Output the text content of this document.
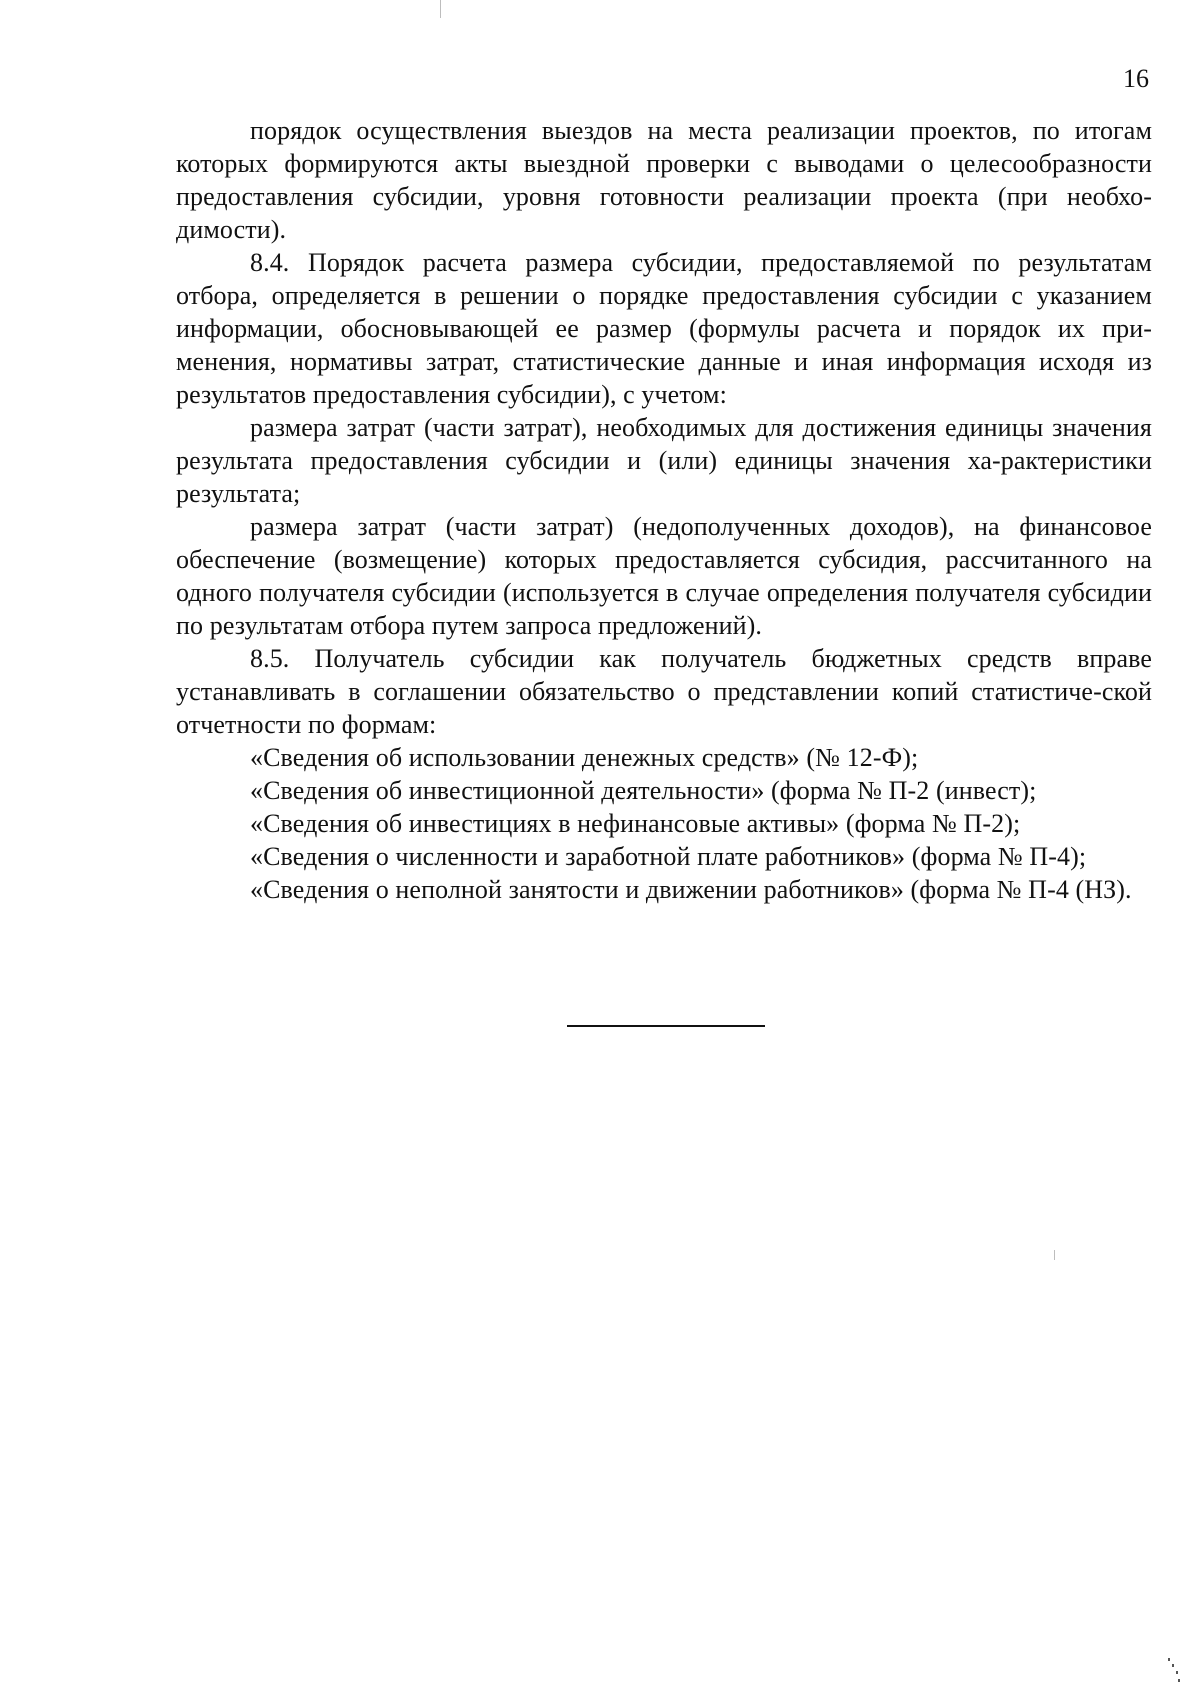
16

порядок осуществления выездов на места реализации проектов, по итогам которых формируются акты выездной проверки с выводами о целесообразности предоставления субсидии, уровня готовности реализации проекта (при необхо-димости).

8.4. Порядок расчета размера субсидии, предоставляемой по результатам отбора, определяется в решении о порядке предоставления субсидии с указанием информации, обосновывающей ее размер (формулы расчета и порядок их при-менения, нормативы затрат, статистические данные и иная информация исходя из результатов предоставления субсидии), с учетом:

размера затрат (части затрат), необходимых для достижения единицы значения результата предоставления субсидии и (или) единицы значения ха-рактеристики результата;

размера затрат (части затрат) (недополученных доходов), на финансовое обеспечение (возмещение) которых предоставляется субсидия, рассчитанного на одного получателя субсидии (используется в случае определения получателя субсидии по результатам отбора путем запроса предложений).

8.5. Получатель субсидии как получатель бюджетных средств вправе устанавливать в соглашении обязательство о представлении копий статистиче-ской отчетности по формам:

«Сведения об использовании денежных средств» (№ 12-Ф);

«Сведения об инвестиционной деятельности» (форма № П-2 (инвест);

«Сведения об инвестициях в нефинансовые активы» (форма № П-2);

«Сведения о численности и заработной плате работников» (форма № П-4);

«Сведения о неполной занятости и движении работников» (форма № П-4 (НЗ).
